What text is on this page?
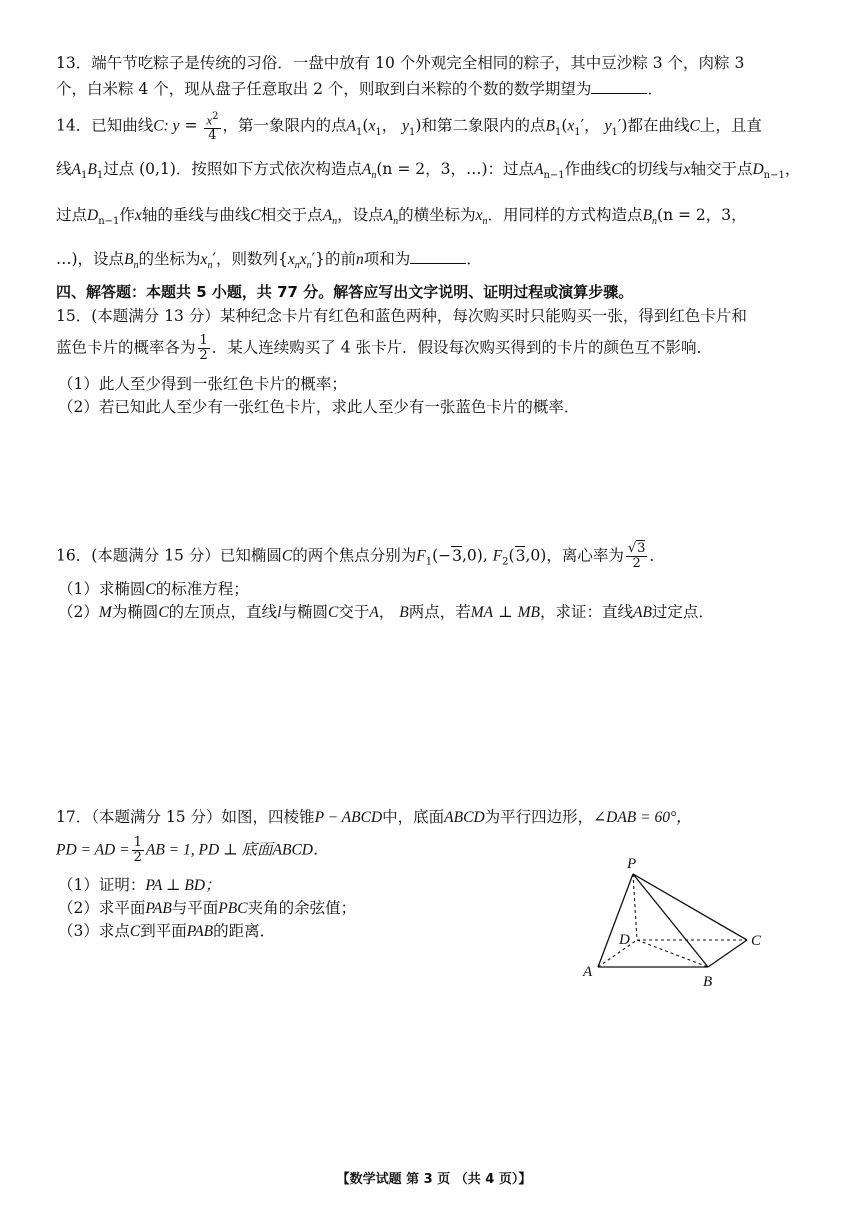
13．端午节吃粽子是传统的习俗．一盘中放有 10 个外观完全相同的粽子，其中豆沙粽 3 个，肉粽 3
个，白米粽 4 个，现从盘子任意取出 2 个，则取到白米粽的个数的数学期望为	．
14．已知曲线C: $y = \frac{x^2}{4}$ ，第一象限内的点$A_1(x_1$， $y_1$)和第二象限内的点$B_1(x_1'$， $y_1'$)都在曲线C上，且直
线$A_1B_1$过点 (0,1)．按照如下方式依次构造点$A_n(n = 2$，3，…)：过点$A_{n-1}$作曲线C的切线与x轴交于点$D_{n-1}$，
过点$D_{n-1}$作x轴的垂线与曲线C相交于点$A_n$，设点$A_n$的横坐标为$x_n$．用同样的方式构造点$B_n(n = 2$，3，
…)，设点$B_n$的坐标为$x_n'$，则数列$\{x_nx_n'\}$的前n项和为	．
四、解答题：本题共 5 小题，共 77 分。解答应写出文字说明、证明过程或演算步骤。
15．(本题满分 13 分）某种纪念卡片有红色和蓝色两种，每次购买时只能购买一张，得到红色卡片和
蓝色卡片的概率各为 $\frac{1}{2}$ ．某人连续购买了 4 张卡片．假设每次购买得到的卡片的颜色互不影响．
（1）此人至少得到一张红色卡片的概率；
（2）若已知此人至少有一张红色卡片，求此人至少有一张蓝色卡片的概率．
16．(本题满分 15 分）已知椭圆C的两个焦点分别为$F_1(-3,0)$, $F_2(3,0)$，离心率为 $\frac{√3}{2}$ ．
（1）求椭圆C的标准方程；
（2）M为椭圆C的左顶点，直线l与椭圆C交于A， B两点，若MA ⊥ MB，求证：直线AB过定点．
17．（本题满分 15 分）如图，四棱锥P − ABCD中，底面ABCD为平行四边形，∠DAB = 60°，
PD = AD = $\frac{1}{2}$ AB = 1, PD ⊥ 底面ABCD．
（1）证明：PA ⊥ BD；
（2）求平面PAB与平面PBC夹角的余弦值；
（3）求点C到平面PAB的距离．
P
D	C
A
B
【数学试题 第 3 页 （共 4 页）】
